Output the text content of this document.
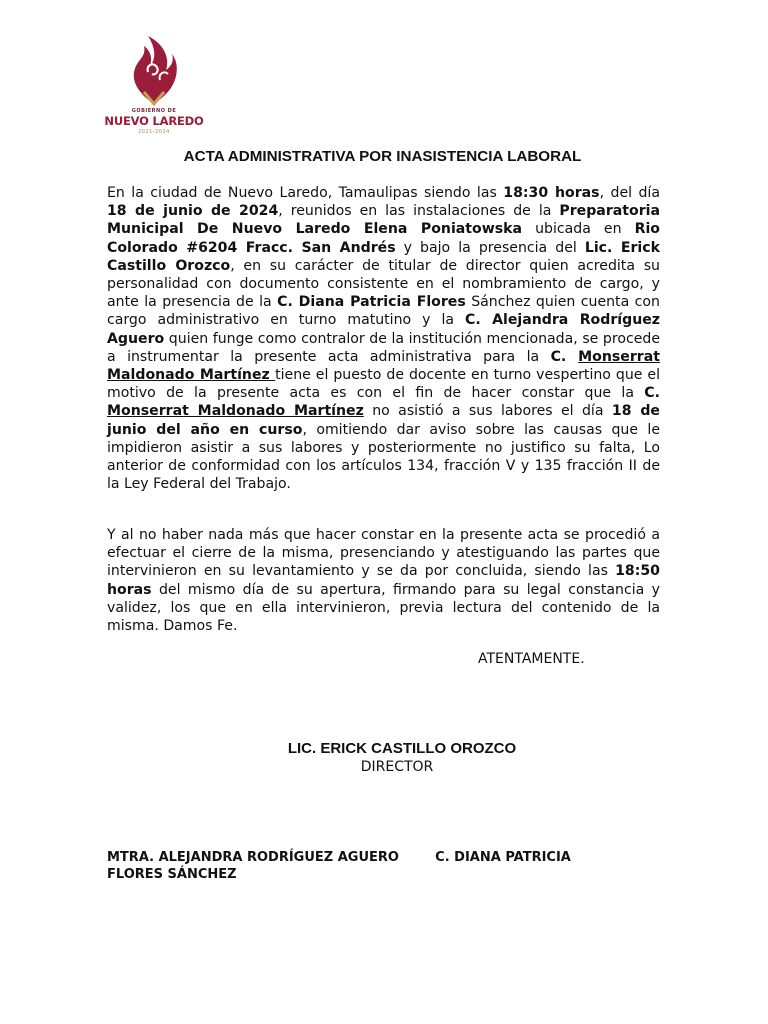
GOBIERNO DE
NUEVO LAREDO
2021-2024
ACTA ADMINISTRATIVA POR INASISTENCIA LABORAL

En la ciudad de Nuevo Laredo, Tamaulipas siendo las 18:30 horas, del día 18 de junio de 2024, reunidos en las instalaciones de la Preparatoria Municipal De Nuevo Laredo Elena Poniatowska ubicada en Rio Colorado #6204 Fracc. San Andrés y bajo la presencia del Lic. Erick Castillo Orozco, en su carácter de titular de director quien acredita su personalidad con documento consistente en el nombramiento de cargo, y ante la presencia de la C. Diana Patricia Flores Sánchez quien cuenta con cargo administrativo en turno matutino y la C. Alejandra Rodríguez Aguero quien funge como contralor de la institución mencionada, se procede a instrumentar la presente acta administrativa para la C. Monserrat Maldonado Martínez tiene el puesto de docente en turno vespertino que el motivo de la presente acta es con el fin de hacer constar que la C. Monserrat Maldonado Martínez no asistió a sus labores el día 18 de junio del año en curso, omitiendo dar aviso sobre las causas que le impidieron asistir a sus labores y posteriormente no justifico su falta, Lo anterior de conformidad con los artículos 134, fracción V y 135 fracción II de la Ley Federal del Trabajo.

Y al no haber nada más que hacer constar en la presente acta se procedió a efectuar el cierre de la misma, presenciando y atestiguando las partes que intervinieron en su levantamiento y se da por concluida, siendo las 18:50 horas del mismo día de su apertura, firmando para su legal constancia y validez, los que en ella intervinieron, previa lectura del contenido de la misma. Damos Fe.

ATENTAMENTE.
LIC. ERICK CASTILLO OROZCO
DIRECTOR
MTRA. ALEJANDRA RODRÍGUEZ AGUERO        C. DIANA PATRICIA
FLORES SÁNCHEZ
